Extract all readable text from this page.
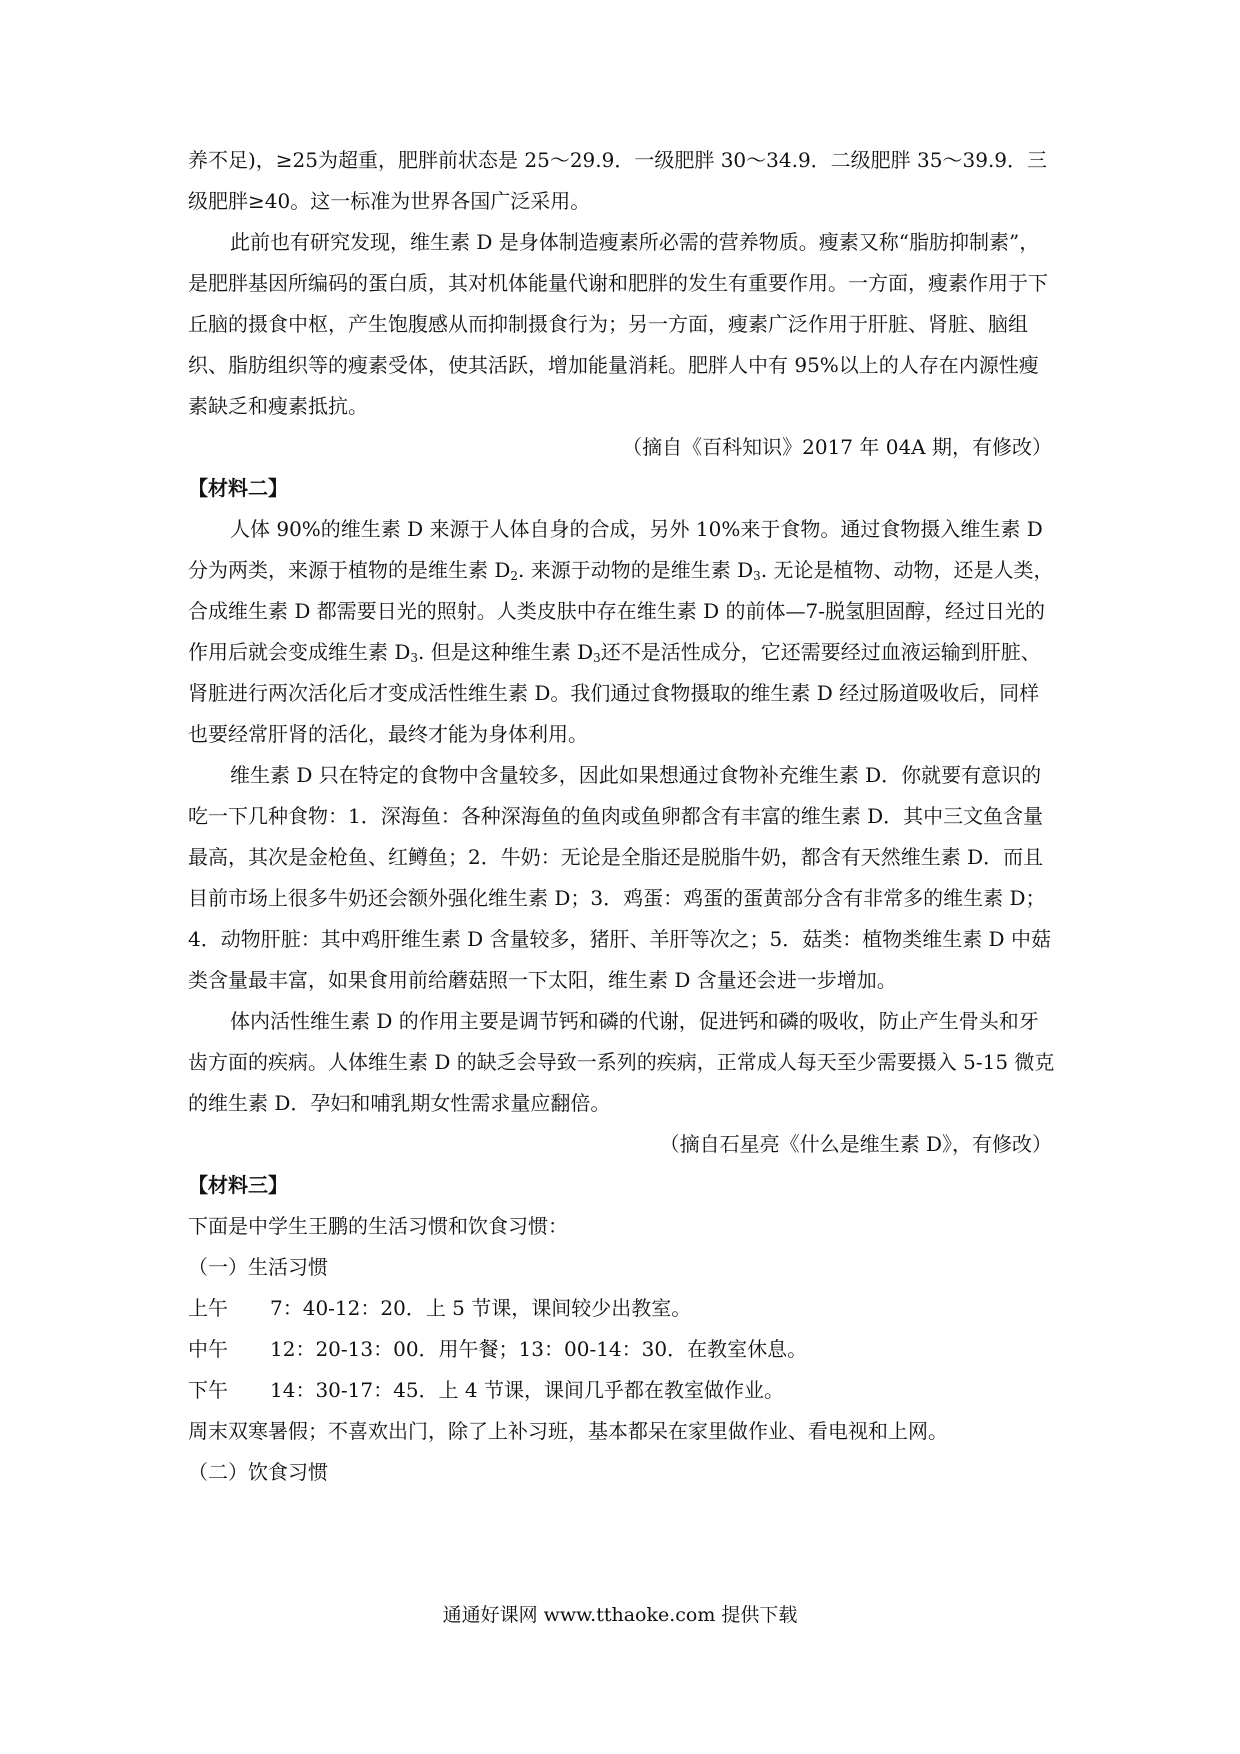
养不足)，≥25为超重，肥胖前状态是 25～29.9．一级肥胖 30～34.9．二级肥胖 35～39.9．三级肥胖≥40。这一标准为世界各国广泛采用。

此前也有研究发现，维生素 D 是身体制造瘦素所必需的营养物质。瘦素又称“脂肪抑制素”，是肥胖基因所编码的蛋白质，其对机体能量代谢和肥胖的发生有重要作用。一方面，瘦素作用于下丘脑的摄食中枢，产生饱腹感从而抑制摄食行为；另一方面，瘦素广泛作用于肝脏、肾脏、脑组织、脂肪组织等的瘦素受体，使其活跃，增加能量消耗。肥胖人中有 95%以上的人存在内源性瘦素缺乏和瘦素抵抗。

（摘自《百科知识》2017 年 04A 期，有修改）

【材料二】

人体 90%的维生素 D 来源于人体自身的合成，另外 10%来于食物。通过食物摄入维生素 D 分为两类，来源于植物的是维生素 $D_2$. 来源于动物的是维生素 $D_3$. 无论是植物、动物，还是人类，合成维生素 D 都需要日光的照射。人类皮肤中存在维生素 D 的前体—7-脱氢胆固醇，经过日光的作用后就会变成维生素 $D_3$. 但是这种维生素 $D_3$还不是活性成分，它还需要经过血液运输到肝脏、肾脏进行两次活化后才变成活性维生素 D。我们通过食物摄取的维生素 D 经过肠道吸收后，同样也要经常肝肾的活化，最终才能为身体利用。

维生素 D 只在特定的食物中含量较多，因此如果想通过食物补充维生素 D．你就要有意识的吃一下几种食物：1．深海鱼：各种深海鱼的鱼肉或鱼卵都含有丰富的维生素 D．其中三文鱼含量最高，其次是金枪鱼、红鳟鱼；2．牛奶：无论是全脂还是脱脂牛奶，都含有天然维生素 D．而且目前市场上很多牛奶还会额外强化维生素 D；3．鸡蛋：鸡蛋的蛋黄部分含有非常多的维生素 D；4．动物肝脏：其中鸡肝维生素 D 含量较多，猪肝、羊肝等次之；5．菇类：植物类维生素 D 中菇类含量最丰富，如果食用前给蘑菇照一下太阳，维生素 D 含量还会进一步增加。

体内活性维生素 D 的作用主要是调节钙和磷的代谢，促进钙和磷的吸收，防止产生骨头和牙齿方面的疾病。人体维生素 D 的缺乏会导致一系列的疾病，正常成人每天至少需要摄入 5-15 微克的维生素 D．孕妇和哺乳期女性需求量应翻倍。

（摘自石星亮《什么是维生素 D》，有修改）

【材料三】

下面是中学生王鹏的生活习惯和饮食习惯：

（一）生活习惯

上午	7：40-12：20．上 5 节课，课间较少出教室。
中午	12：20-13：00．用午餐；13：00-14：30．在教室休息。
下午	14：30-17：45．上 4 节课，课间几乎都在教室做作业。

周末双寒暑假；不喜欢出门，除了上补习班，基本都呆在家里做作业、看电视和上网。

（二）饮食习惯

通通好课网 www.tthaoke.com 提供下载
